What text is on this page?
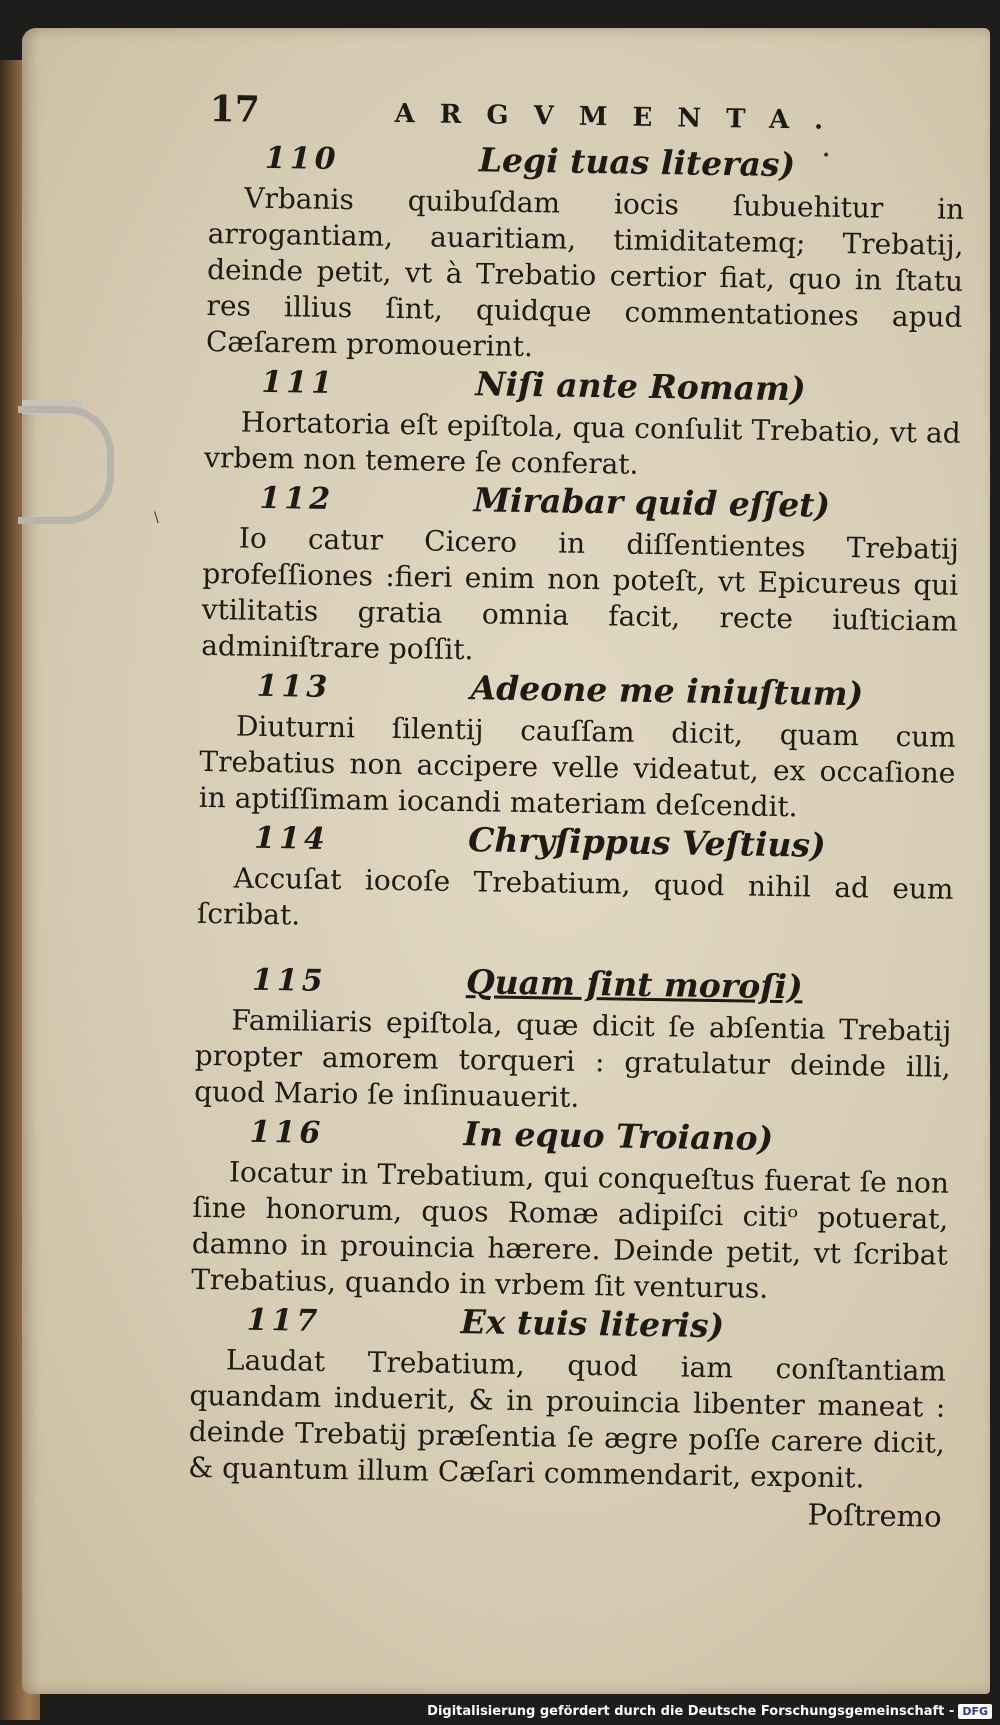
•
\
17	ARGVMENTA.
110	Legi tuas literas)

Vrbanis quibuſdam iocis ſubuehitur in arrogantiam, auaritiam, timiditatemq; Trebatij, deinde petit, vt à Trebatio certior fiat, quo in ſtatu res illius ſint, quidque commentationes apud Cæſarem promouerint.

111	Niſi ante Romam)

Hortatoria eſt epiſtola, qua conſulit Trebatio, vt ad vrbem non temere ſe conferat.

112	Mirabar quid eſſet)

Io catur Cicero in diſſentientes Trebatij profeſſiones :fieri enim non poteſt, vt Epicureus qui vtilitatis gratia omnia facit, recte iuſticiam adminiſtrare poſſit.

113	Adeone me iniuſtum)

Diuturni ſilentij cauſſam dicit, quam cum Trebatius non accipere velle videatut, ex occaſione in aptiſſimam iocandi materiam deſcendit.

114	Chryſippus Veſtius)

Accuſat iocoſe Trebatium, quod nihil ad eum ſcribat.

115	Quam ſint moroſi)

Familiaris epiſtola, quæ dicit ſe abſentia Trebatij propter amorem torqueri : gratulatur deinde illi, quod Mario ſe inſinuauerit.

116	In equo Troiano)

Iocatur in Trebatium, qui conqueſtus fuerat ſe non ſine honorum, quos Romæ adipiſci citiᵒ potuerat, damno in prouincia hærere. Deinde petit, vt ſcribat Trebatius, quando in vrbem ſit venturus.

117	Ex tuis literis)

Laudat Trebatium, quod iam conſtantiam quandam induerit, & in prouincia libenter maneat : deinde Trebatij præſentia ſe ægre poſſe carere dicit, & quantum illum Cæſari commendarit, exponit.

Poſtremo
Digitalisierung gefördert durch die Deutsche Forschungsgemeinschaft - DFG
